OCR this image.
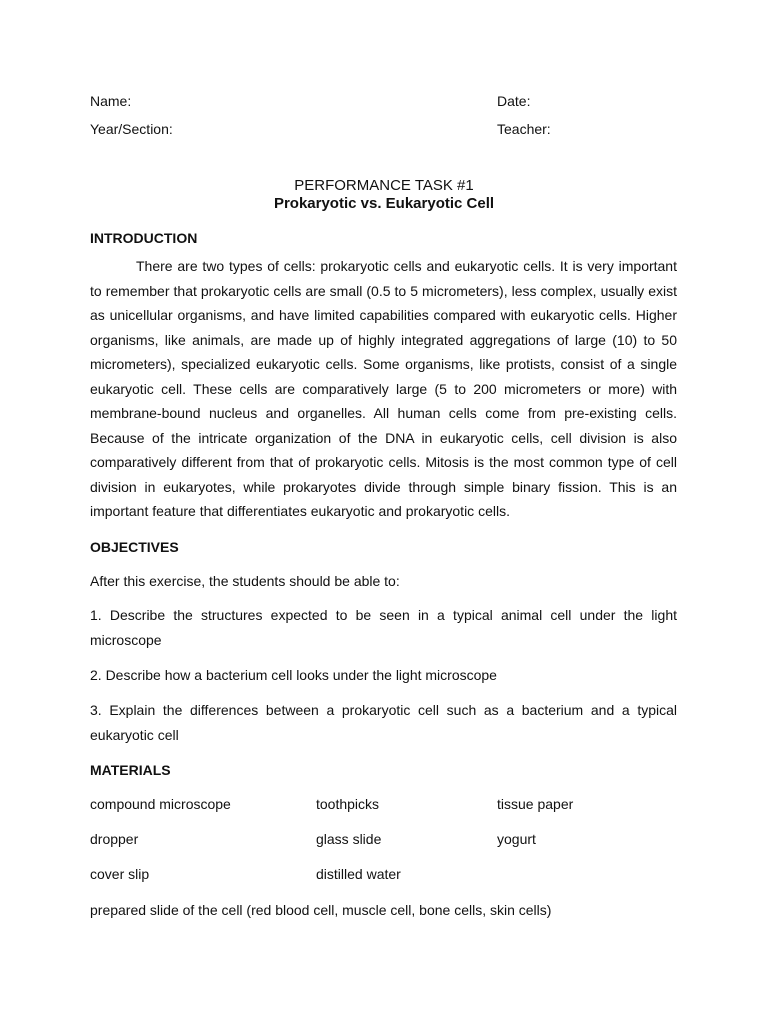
Name:	Date:
Year/Section:	Teacher:
PERFORMANCE TASK #1
Prokaryotic vs. Eukaryotic Cell
INTRODUCTION

There are two types of cells: prokaryotic cells and eukaryotic cells. It is very important to remember that prokaryotic cells are small (0.5 to 5 micrometers), less complex, usually exist as unicellular organisms, and have limited capabilities compared with eukaryotic cells. Higher organisms, like animals, are made up of highly integrated aggregations of large (10) to 50 micrometers), specialized eukaryotic cells. Some organisms, like protists, consist of a single eukaryotic cell. These cells are comparatively large (5 to 200 micrometers or more) with membrane-bound nucleus and organelles. All human cells come from pre-existing cells. Because of the intricate organization of the DNA in eukaryotic cells, cell division is also comparatively different from that of prokaryotic cells. Mitosis is the most common type of cell division in eukaryotes, while prokaryotes divide through simple binary fission. This is an important feature that differentiates eukaryotic and prokaryotic cells.

OBJECTIVES

After this exercise, the students should be able to:

1. Describe the structures expected to be seen in a typical animal cell under the light microscope

2. Describe how a bacterium cell looks under the light microscope

3. Explain the differences between a prokaryotic cell such as a bacterium and a typical eukaryotic cell

MATERIALS
compound microscope	toothpicks	tissue paper
dropper	glass slide	yogurt
cover slip	distilled water
prepared slide of the cell (red blood cell, muscle cell, bone cells, skin cells)
